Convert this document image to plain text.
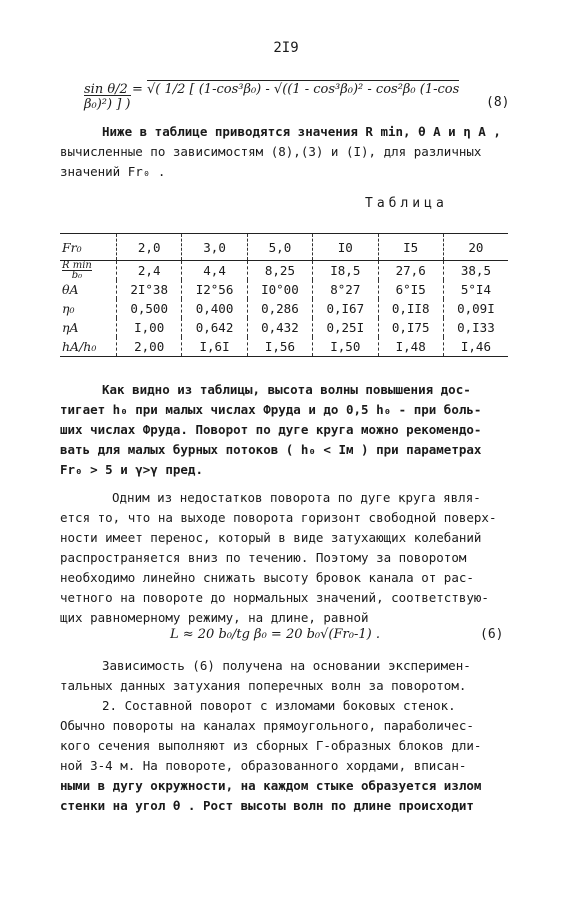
2I9
sin θ/2 = √( 1/2 [ (1-cos³β₀) - √((1 - cos³β₀)² - cos²β₀ (1-cos β₀)²) ] )	(8)
Ниже в таблице приводятся значения R min, θ A и η A ,
вычисленные по зависимостям (8),(3) и (I), для различных
значений Fr₀ .
Таблица
Fr₀	2,0	3,0	5,0	I0	I5	20

$\frac{\text{R min}}{\text{b₀}}$	2,4	4,4	8,25	I8,5	27,6	38,5
θA	2I°38	I2°56	I0°00	8°27	6°I5	5°I4
η₀	0,500	0,400	0,286	0,I67	0,II8	0,09I
ηA	I,00	0,642	0,432	0,25I	0,I75	0,I33
hA/h₀	2,00	I,6I	I,56	I,50	I,48	I,46
Как видно из таблицы, высота волны повышения дос-
тигает h₀ при малых числах Фруда и до 0,5 h₀ - при боль-
ших числах Фруда. Поворот по дуге круга можно рекомендо-
вать для малых бурных потоков ( h₀ < Iм ) при параметрах
Fr₀ > 5 и γ>γ пред.
Одним из недостатков поворота по дуге круга явля-
ется то, что на выходе поворота горизонт свободной поверх-
ности имеет перенос, который в виде затухающих колебаний
распространяется вниз по течению. Поэтому за поворотом
необходимо линейно снижать высоту бровок канала от рас-
четного на повороте до нормальных значений, соответствую-
щих равномерному режиму, на длине, равной
L ≈ 20 b₀/tg β₀ = 20 b₀√(Fr₀-1) .	(6)
Зависимость (6) получена на основании эксперимен-
тальных данных затухания поперечных волн за поворотом.
2. Составной поворот с изломами боковых стенок.
Обычно повороты на каналах прямоугольного, параболичес-
кого сечения выполняют из сборных Г-образных блоков дли-
ной 3-4 м. На повороте, образованного хордами, вписан-
ными в дугу окружности, на каждом стыке образуется излом
стенки на угол θ . Рост высоты волн по длине происходит
